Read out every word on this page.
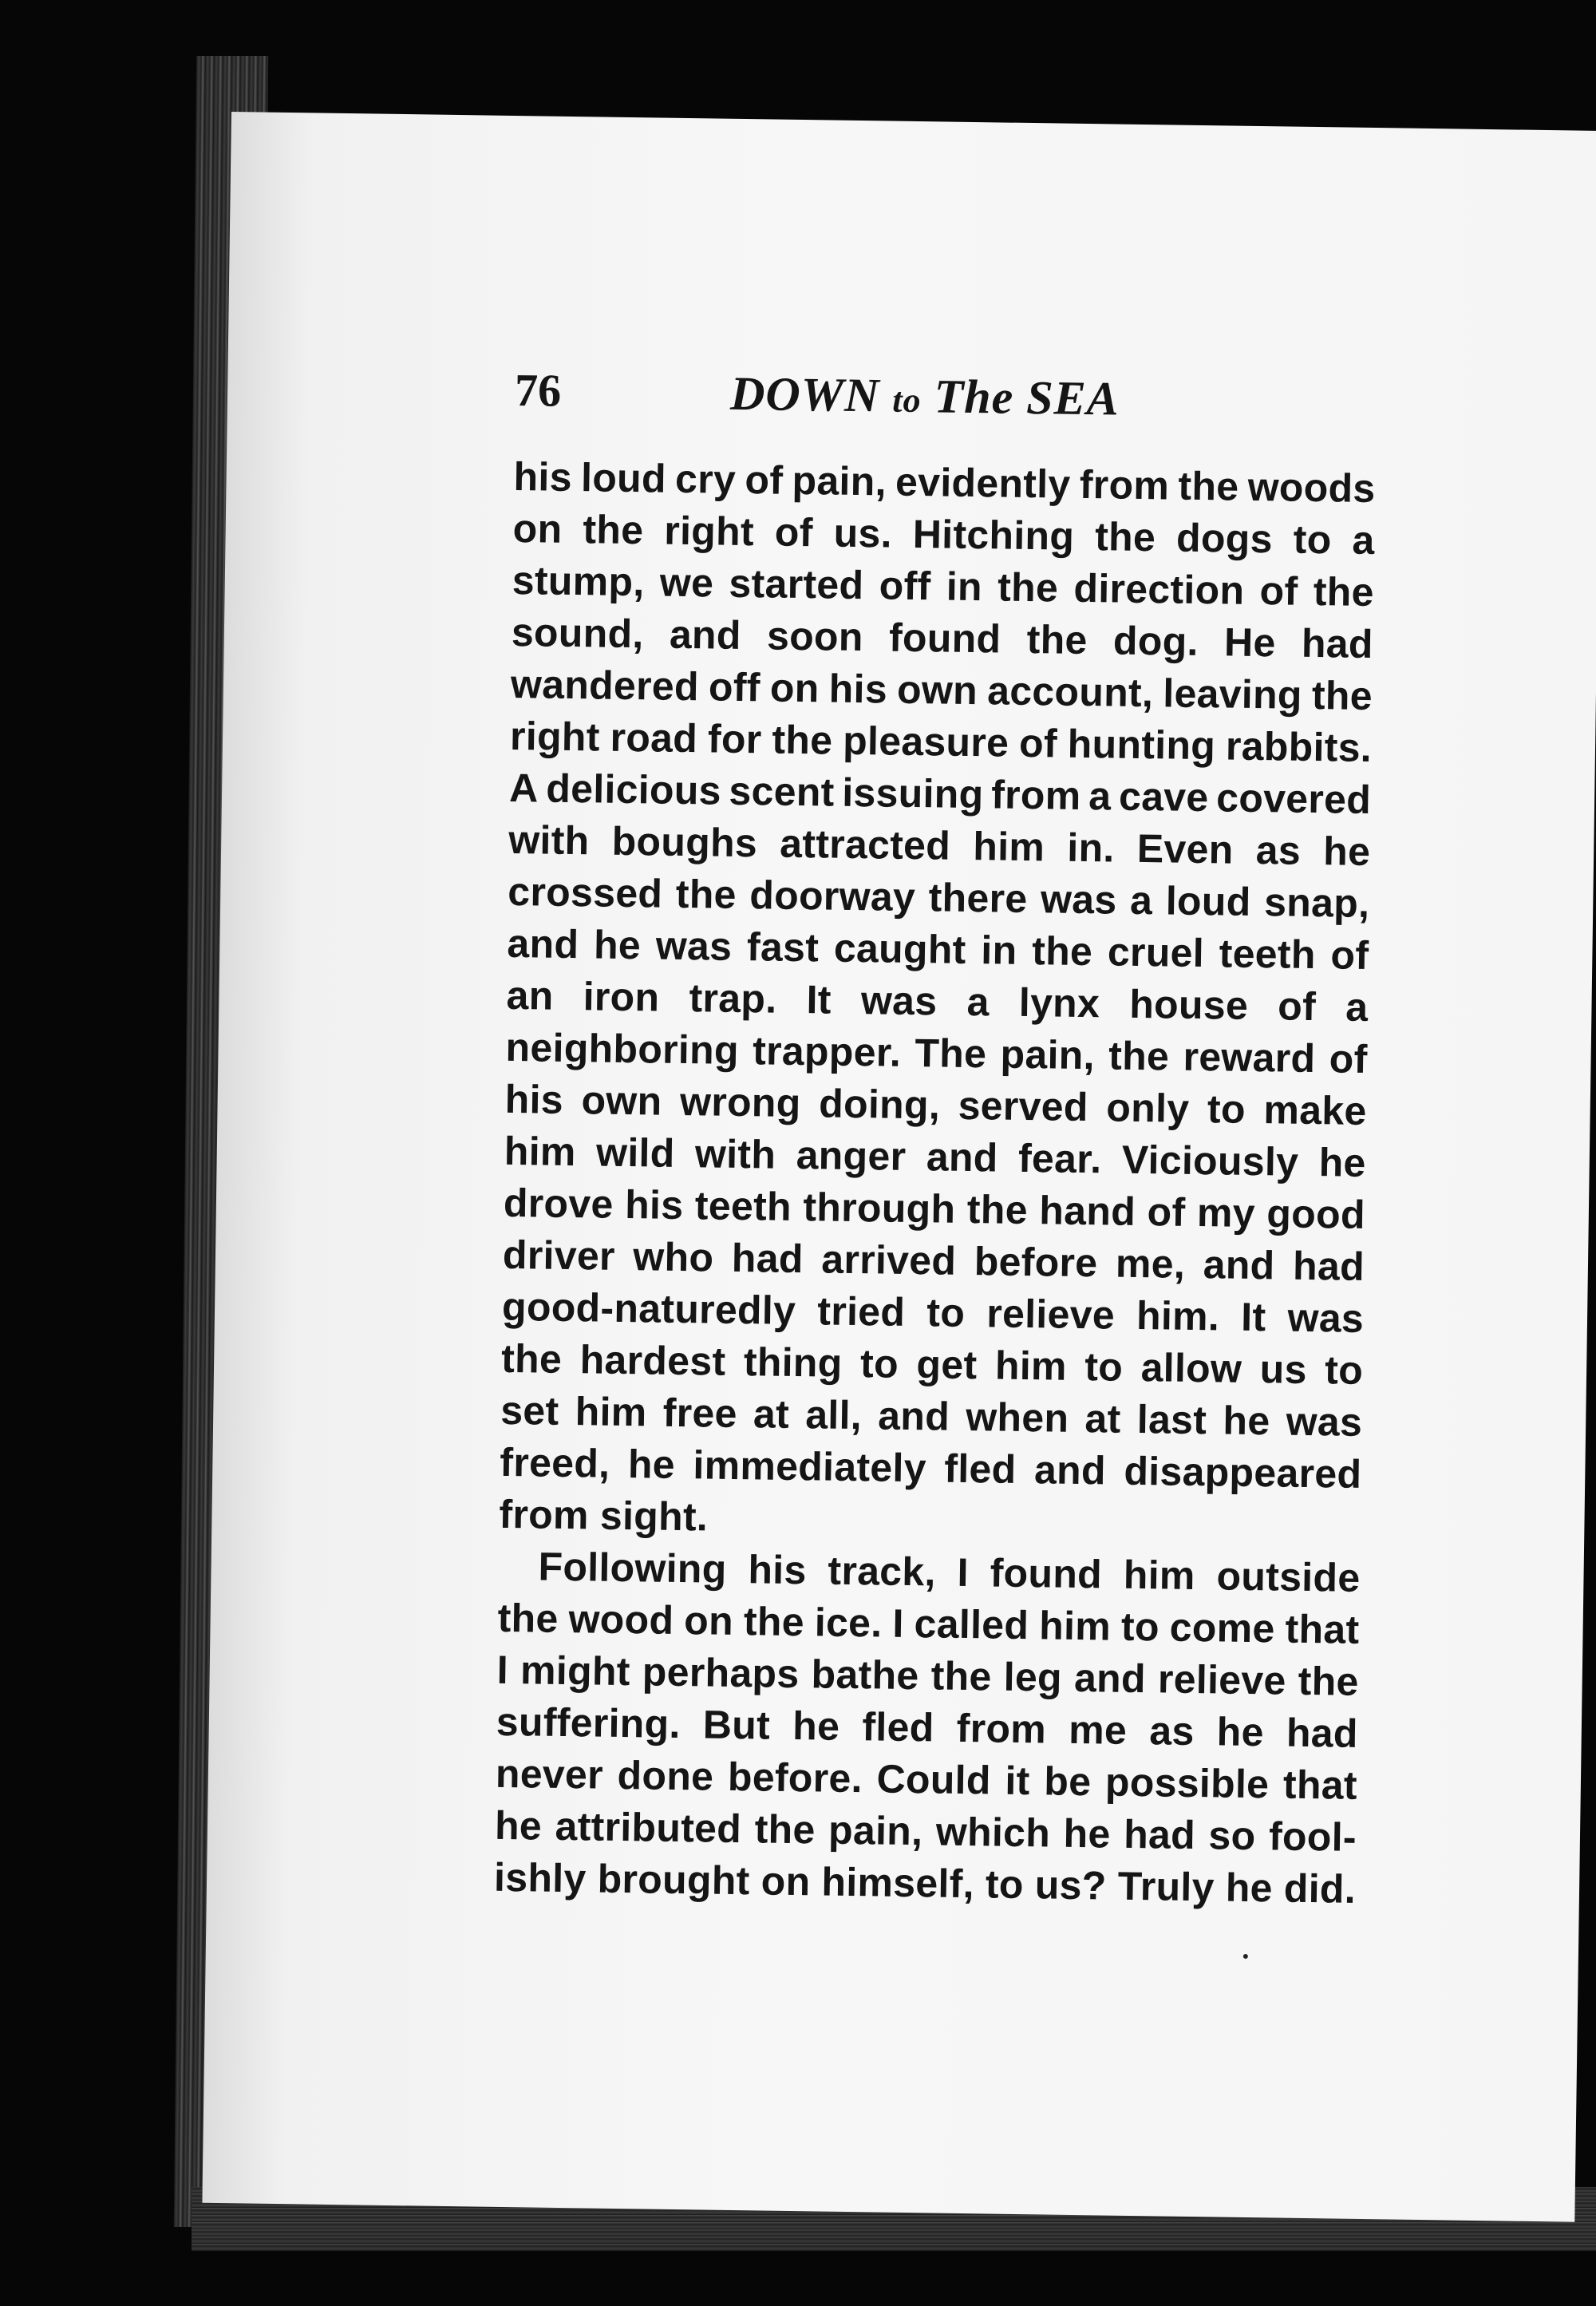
76	DOWN to The SEA
his loud cry of pain, evidently from the woods
on the right of us. Hitching the dogs to a
stump, we started off in the direction of the
sound, and soon found the dog. He had
wandered off on his own account, leaving the
right road for the pleasure of hunting rabbits.
A delicious scent issuing from a cave covered
with boughs attracted him in. Even as he
crossed the doorway there was a loud snap,
and he was fast caught in the cruel teeth of
an iron trap. It was a lynx house of a
neighboring trapper. The pain, the reward of
his own wrong doing, served only to make
him wild with anger and fear. Viciously he
drove his teeth through the hand of my good
driver who had arrived before me, and had
good-naturedly tried to relieve him. It was
the hardest thing to get him to allow us to
set him free at all, and when at last he was
freed, he immediately fled and disappeared
from sight.
Following his track, I found him outside
the wood on the ice. I called him to come that
I might perhaps bathe the leg and relieve the
suffering. But he fled from me as he had
never done before. Could it be possible that
he attributed the pain, which he had so fool-
ishly brought on himself, to us? Truly he did.
